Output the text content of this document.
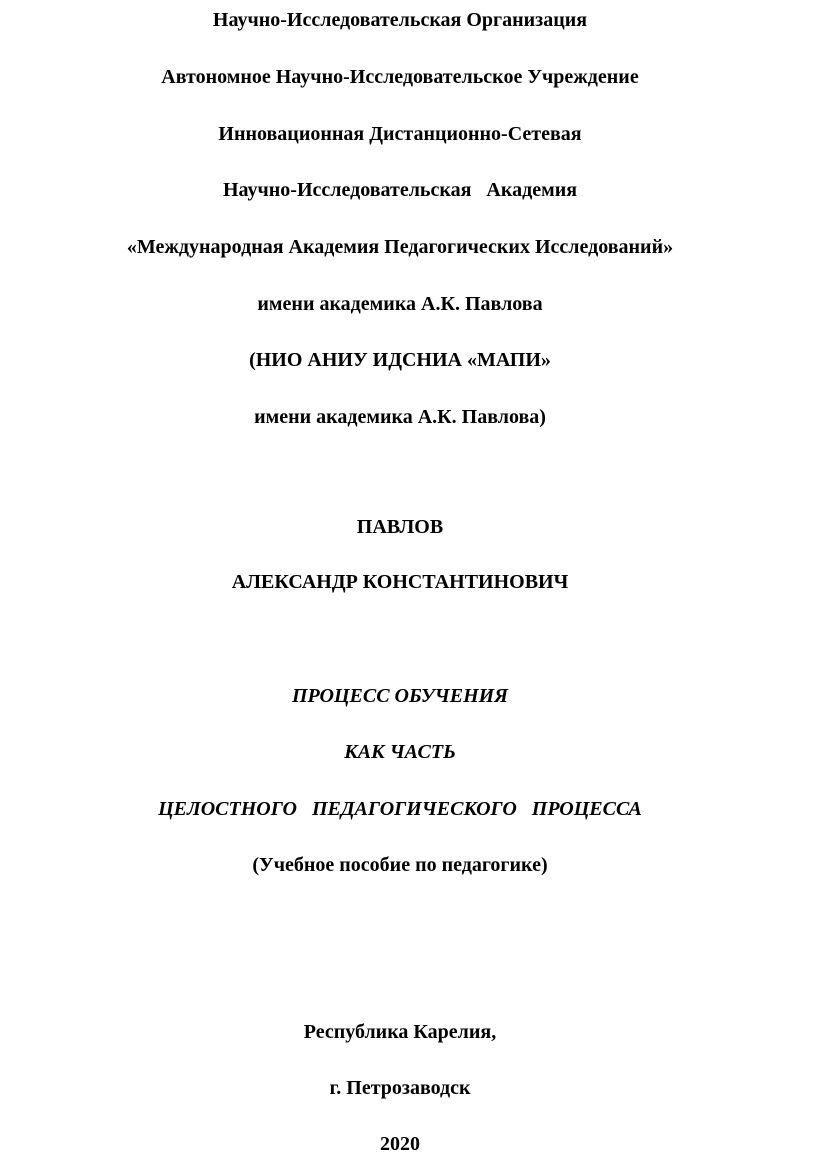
Научно-Исследовательская Организация
Автономное Научно-Исследовательское Учреждение
Инновационная Дистанционно-Сетевая
Научно-Исследовательская   Академия
«Международная Академия Педагогических Исследований»
имени академика А.К. Павлова
(НИО АНИУ ИДСНИА «МАПИ»
имени академика А.К. Павлова)
ПАВЛОВ
АЛЕКСАНДР КОНСТАНТИНОВИЧ
ПРОЦЕСС ОБУЧЕНИЯ
КАК ЧАСТЬ
ЦЕЛОСТНОГО   ПЕДАГОГИЧЕСКОГО   ПРОЦЕССА
(Учебное пособие по педагогике)
Республика Карелия,
г. Петрозаводск
2020
